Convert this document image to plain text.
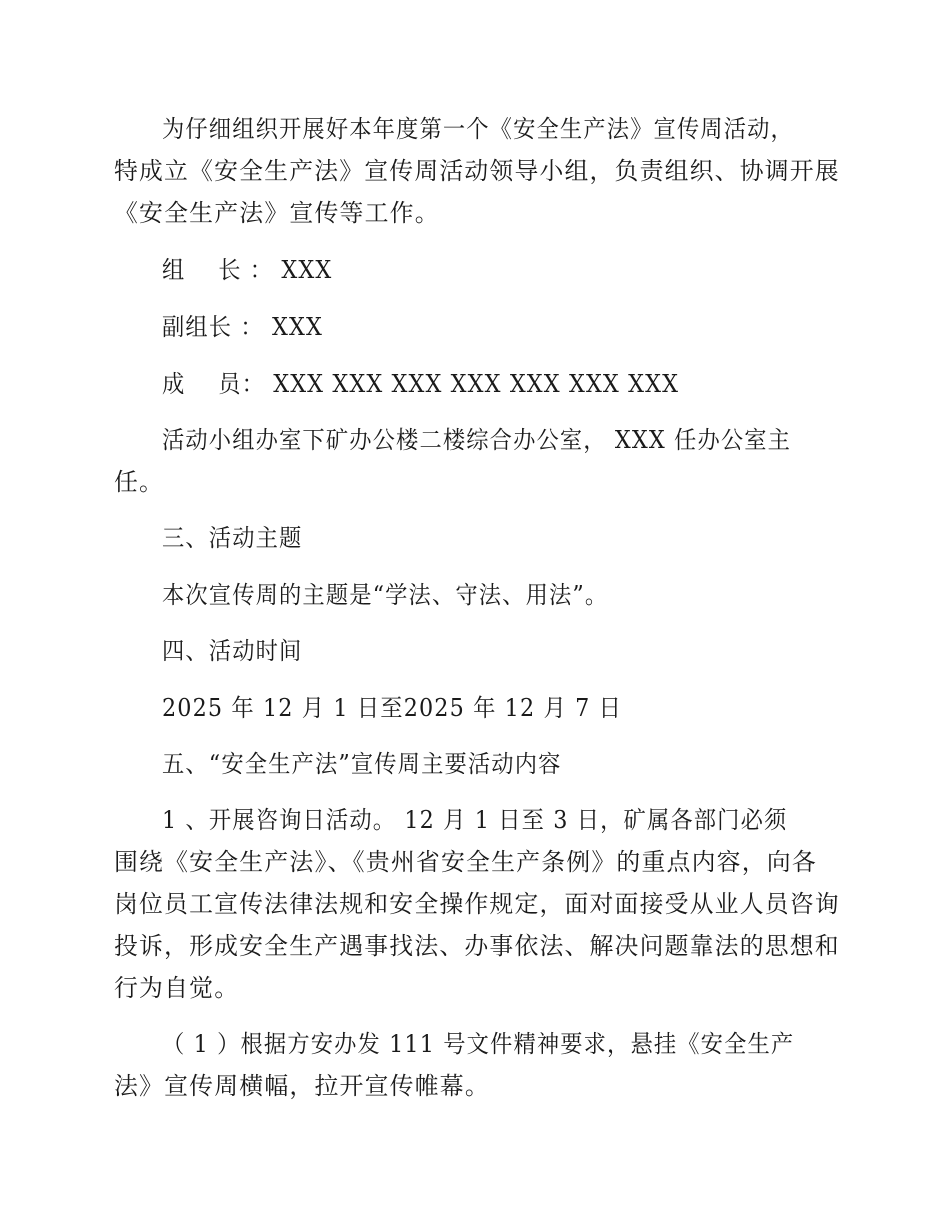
为仔细组织开展好本年度第一个《安全生产法》宣传周活动，
特成立《安全生产法》宣传周活动领导小组，负责组织、协调开展
《安全生产法》宣传等工作。
组    长 ： XXX
副组长 ： XXX
成    员： XXX XXX XXX XXX XXX XXX XXX
活动小组办室下矿办公楼二楼综合办公室， XXX 任办公室主
任。
三、活动主题
本次宣传周的主题是“学法、守法、用法”。
四、活动时间
2025 年 12 月 1 日至2025 年 12 月 7 日
五、“安全生产法”宣传周主要活动内容
1 、开展咨询日活动。 12 月 1 日至 3 日，矿属各部门必须
围绕《安全生产法》、《贵州省安全生产条例》的重点内容，向各
岗位员工宣传法律法规和安全操作规定，面对面接受从业人员咨询
投诉，形成安全生产遇事找法、办事依法、解决问题靠法的思想和
行为自觉。
（ 1 ）根据方安办发 111 号文件精神要求，悬挂《安全生产
法》宣传周横幅，拉开宣传帷幕。
